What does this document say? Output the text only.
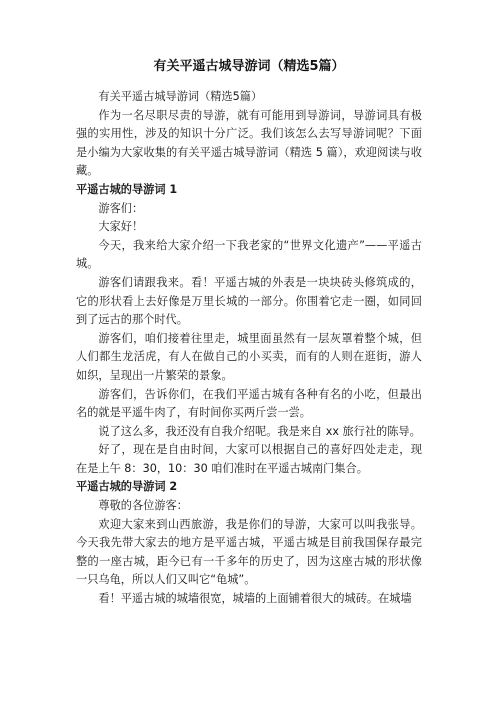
有关平遥古城导游词（精选5篇）

有关平遥古城导游词（精选5篇）

作为一名尽职尽责的导游，就有可能用到导游词，导游词具有极强的实用性，涉及的知识十分广泛。我们该怎么去写导游词呢？下面是小编为大家收集的有关平遥古城导游词（精选 5 篇），欢迎阅读与收藏。

平遥古城的导游词 1

游客们：

大家好！

今天，我来给大家介绍一下我老家的“世界文化遗产”——平遥古城。

游客们请跟我来。看！平遥古城的外表是一块块砖头修筑成的，它的形状看上去好像是万里长城的一部分。你围着它走一圈，如同回到了远古的那个时代。

游客们，咱们接着往里走，城里面虽然有一层灰罩着整个城，但人们都生龙活虎，有人在做自己的小买卖，而有的人则在逛街，游人如织，呈现出一片繁荣的景象。

游客们，告诉你们，在我们平遥古城有各种有名的小吃，但最出名的就是平遥牛肉了，有时间你买两斤尝一尝。

说了这么多，我还没有自我介绍呢。我是来自 xx 旅行社的陈导。

好了，现在是自由时间，大家可以根据自己的喜好四处走走，现在是上午 8：30，10：30 咱们准时在平遥古城南门集合。

平遥古城的导游词 2

尊敬的各位游客：

欢迎大家来到山西旅游，我是你们的导游，大家可以叫我张导。今天我先带大家去的地方是平遥古城，平遥古城是目前我国保存最完整的一座古城，距今已有一千多年的历史了，因为这座古城的形状像一只乌龟，所以人们又叫它“龟城”。

看！平遥古城的城墙很宽，城墙的上面铺着很大的城砖。在城墙
